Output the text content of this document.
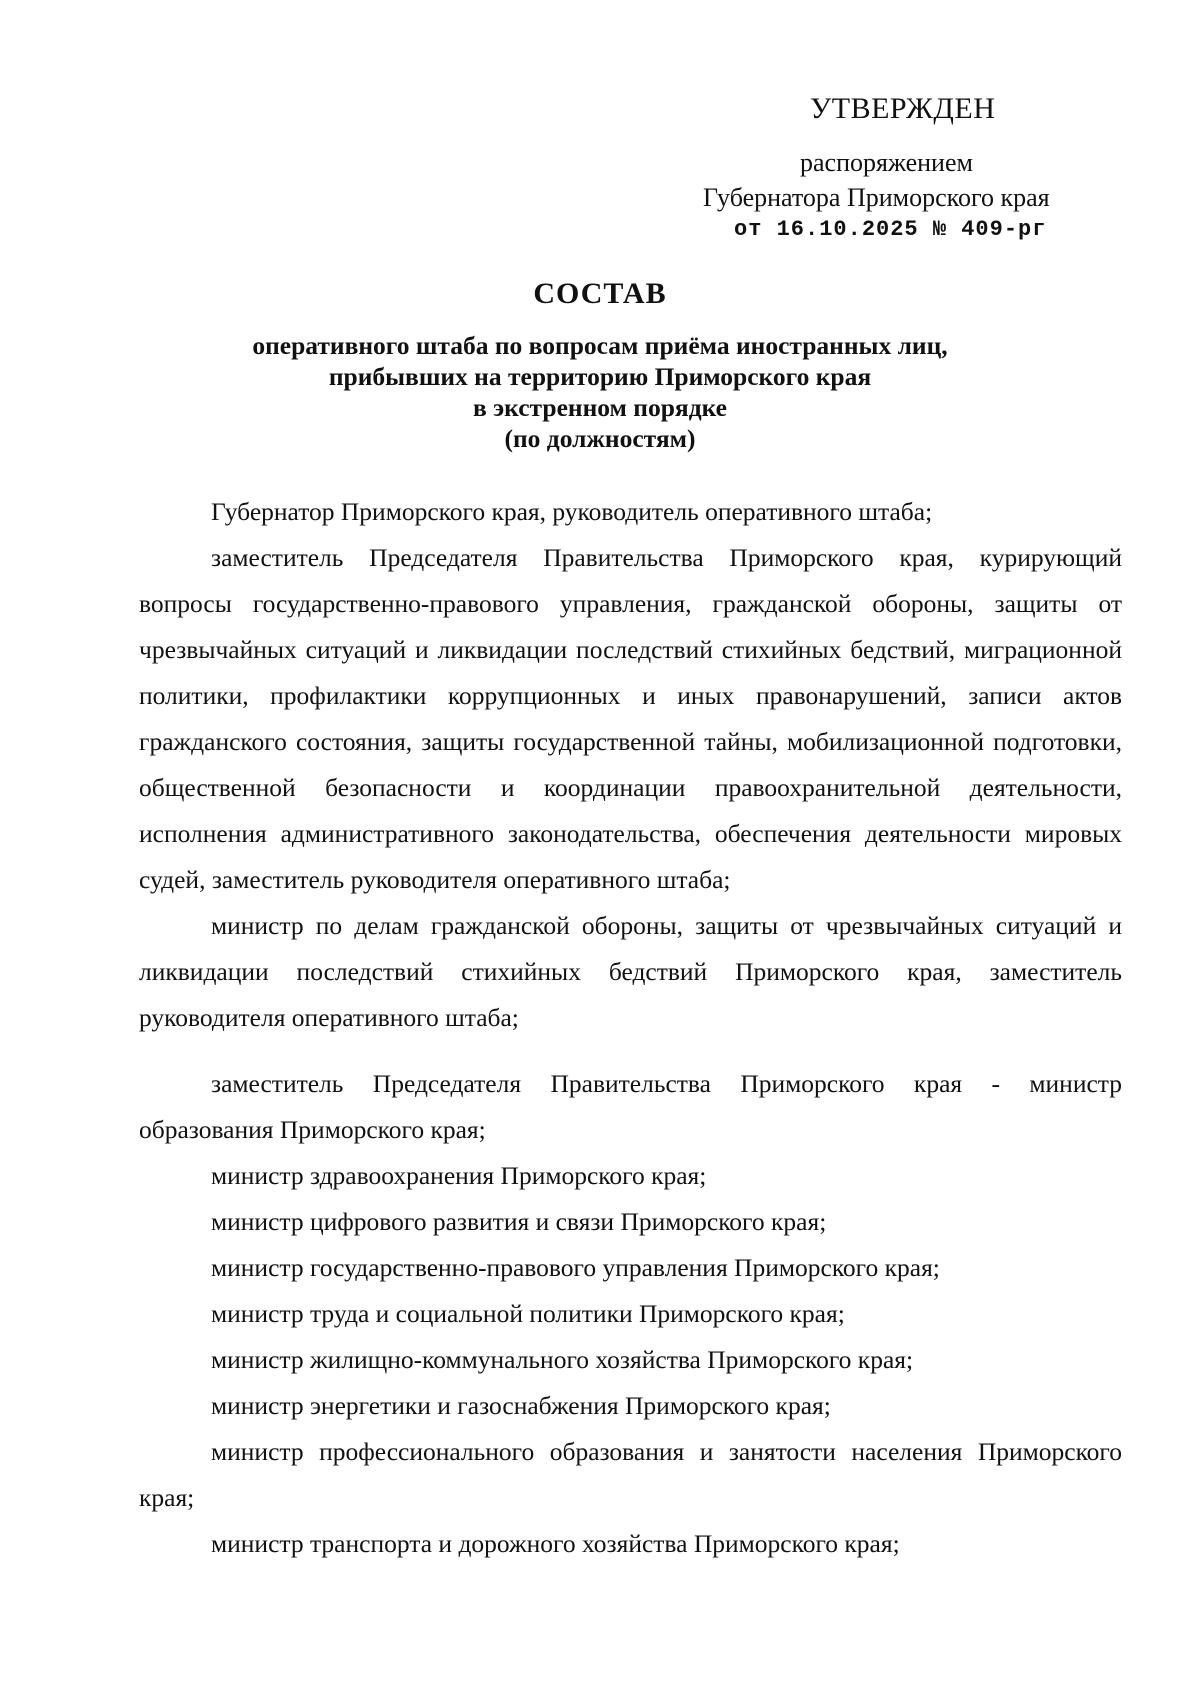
УТВЕРЖДЕН
распоряжением
Губернатора Приморского края
от 16.10.2025 № 409-рг
СОСТАВ
оперативного штаба по вопросам приёма иностранных лиц,
прибывших на территорию Приморского края
в экстренном порядке
(по должностям)

Губернатор Приморского края, руководитель оперативного штаба;

заместитель Председателя Правительства Приморского края, курирующий вопросы государственно-правового управления, гражданской обороны, защиты от чрезвычайных ситуаций и ликвидации последствий стихийных бедствий, миграционной политики, профилактики коррупционных и иных правонарушений, записи актов гражданского состояния, защиты государственной тайны, мобилизационной подготовки, общественной безопасности и координации правоохранительной деятельности, исполнения административного законодательства, обеспечения деятельности мировых судей, заместитель руководителя оперативного штаба;

министр по делам гражданской обороны, защиты от чрезвычайных ситуаций и ликвидации последствий стихийных бедствий Приморского края, заместитель руководителя оперативного штаба;

заместитель Председателя Правительства Приморского края - министр образования Приморского края;

министр здравоохранения Приморского края;

министр цифрового развития и связи Приморского края;

министр государственно-правового управления Приморского края;

министр труда и социальной политики Приморского края;

министр жилищно-коммунального хозяйства Приморского края;

министр энергетики и газоснабжения Приморского края;

министр профессионального образования и занятости населения Приморского края;

министр транспорта и дорожного хозяйства Приморского края;
